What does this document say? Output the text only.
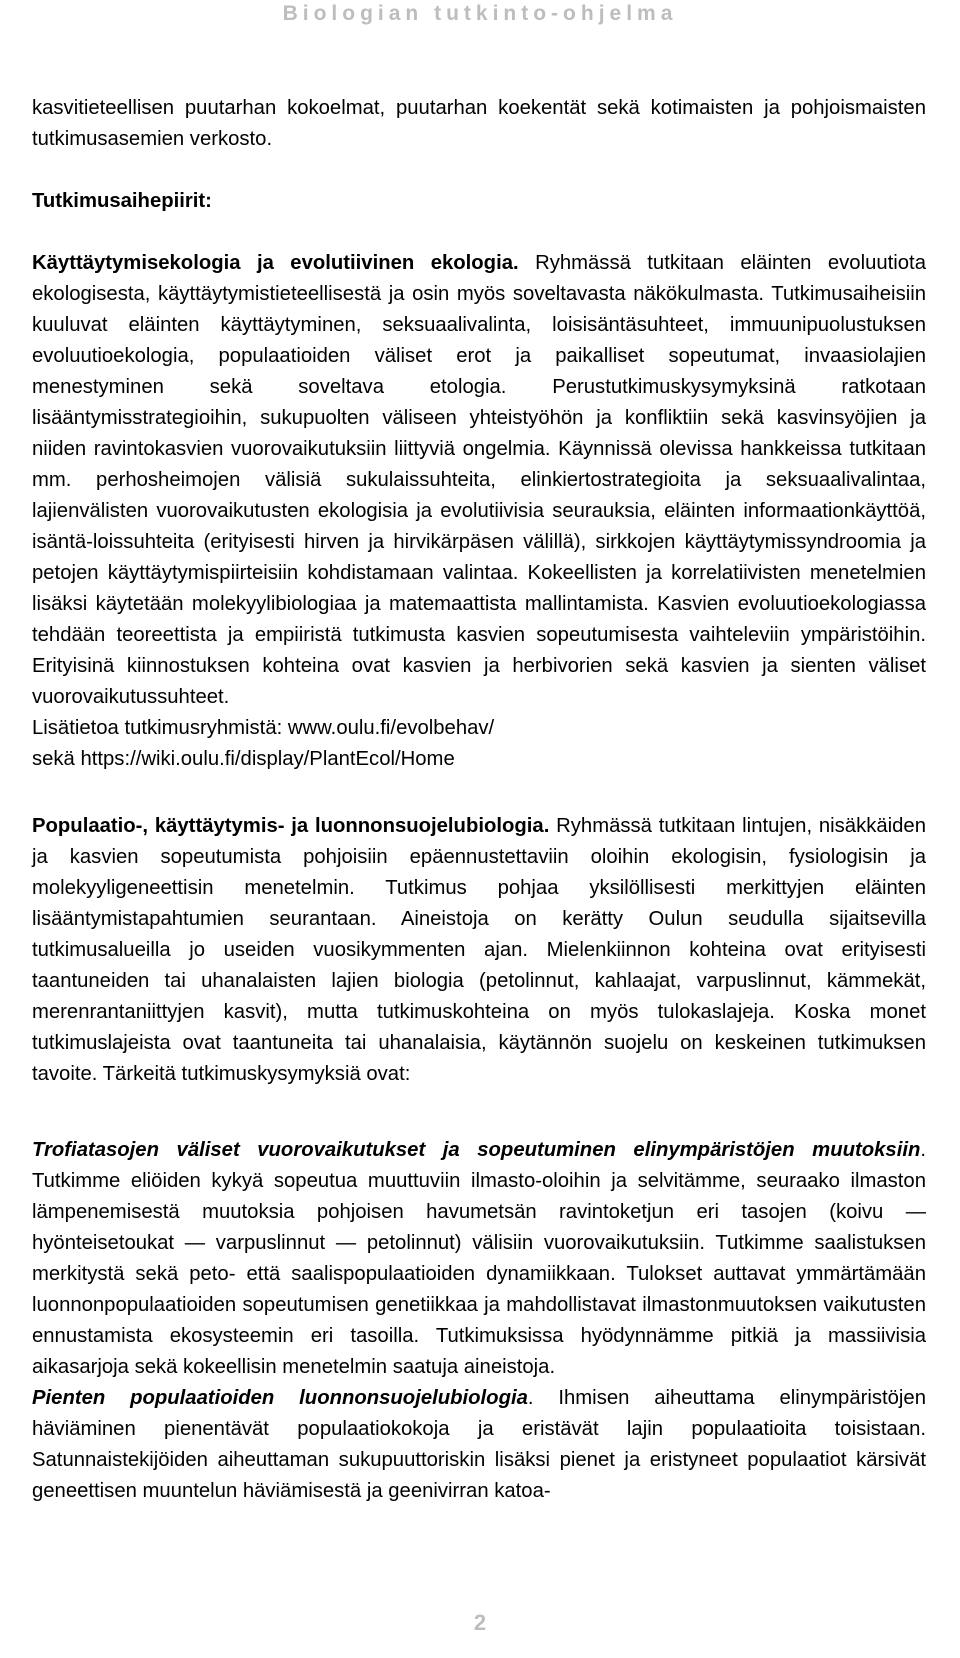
Biologian tutkinto-ohjelma

kasvitieteellisen puutarhan kokoelmat, puutarhan koekentät sekä kotimaisten ja pohjoismaisten tutkimusasemien verkosto.

Tutkimusaihepiirit:

Käyttäytymisekologia ja evolutiivinen ekologia. Ryhmässä tutkitaan eläinten evoluutiota ekologisesta, käyttäytymistieteellisestä ja osin myös soveltavasta näkökulmasta. Tutkimusaiheisiin kuuluvat eläinten käyttäytyminen, seksuaalivalinta, loisisäntäsuhteet, immuunipuolustuksen evoluutioekologia, populaatioiden väliset erot ja paikalliset sopeutumat, invaasiolajien menestyminen sekä soveltava etologia. Perustutkimuskysymyksinä ratkotaan lisääntymisstrategioihin, sukupuolten väliseen yhteistyöhön ja konfliktiin sekä kasvinsyöjien ja niiden ravintokasvien vuorovaikutuksiin liittyviä ongelmia. Käynnissä olevissa hankkeissa tutkitaan mm. perhosheimojen välisiä sukulaissuhteita, elinkiertostrategioita ja seksuaalivalintaa, lajienvälisten vuorovaikutusten ekologisia ja evolutiivisia seurauksia, eläinten informaationkäyttöä, isäntä-loissuhteita (erityisesti hirven ja hirvikärpäsen välillä), sirkkojen käyttäytymissyndroomia ja petojen käyttäytymispiirteisiin kohdistamaan valintaa. Kokeellisten ja korrelatiivisten menetelmien lisäksi käytetään molekyylibiologiaa ja matemaattista mallintamista. Kasvien evoluutioekologiassa tehdään teoreettista ja empiiristä tutkimusta kasvien sopeutumisesta vaihteleviin ympäristöihin. Erityisinä kiinnostuksen kohteina ovat kasvien ja herbivorien sekä kasvien ja sienten väliset vuorovaikutussuhteet.

Lisätietoa tutkimusryhmistä: www.oulu.fi/evolbehav/

sekä https://wiki.oulu.fi/display/PlantEcol/Home

Populaatio-, käyttäytymis- ja luonnonsuojelubiologia. Ryhmässä tutkitaan lintujen, nisäkkäiden ja kasvien sopeutumista pohjoisiin epäennustettaviin oloihin ekologisin, fysiologisin ja molekyyligeneettisin menetelmin. Tutkimus pohjaa yksilöllisesti merkittyjen eläinten lisääntymistapahtumien seurantaan. Aineistoja on kerätty Oulun seudulla sijaitsevilla tutkimusalueilla jo useiden vuosikymmenten ajan. Mielenkiinnon kohteina ovat erityisesti taantuneiden tai uhanalaisten lajien biologia (petolinnut, kahlaajat, varpuslinnut, kämmekät, merenrantaniittyjen kasvit), mutta tutkimuskohteina on myös tulokaslajeja. Koska monet tutkimuslajeista ovat taantuneita tai uhanalaisia, käytännön suojelu on keskeinen tutkimuksen tavoite. Tärkeitä tutkimuskysymyksiä ovat:

Trofiatasojen väliset vuorovaikutukset ja sopeutuminen elinympäristöjen muutoksiin. Tutkimme eliöiden kykyä sopeutua muuttuviin ilmasto-oloihin ja selvitämme, seuraako ilmaston lämpenemisestä muutoksia pohjoisen havumetsän ravintoketjun eri tasojen (koivu — hyönteisetoukat — varpuslinnut — petolinnut) välisiin vuorovaikutuksiin. Tutkimme saalistuksen merkitystä sekä peto- että saalispopulaatioiden dynamiikkaan. Tulokset auttavat ymmärtämään luonnonpopulaatioiden sopeutumisen genetiikkaa ja mahdollistavat ilmastonmuutoksen vaikutusten ennustamista ekosysteemin eri tasoilla. Tutkimuksissa hyödynnämme pitkiä ja massiivisia aikasarjoja sekä kokeellisin menetelmin saatuja aineistoja.

Pienten populaatioiden luonnonsuojelubiologia. Ihmisen aiheuttama elinympäristöjen häviäminen pienentävät populaatiokokoja ja eristävät lajin populaatioita toisistaan. Satunnaistekijöiden aiheuttaman sukupuuttoriskin lisäksi pienet ja eristyneet populaatiot kärsivät geneettisen muuntelun häviämisestä ja geenivirran katoa-

2
